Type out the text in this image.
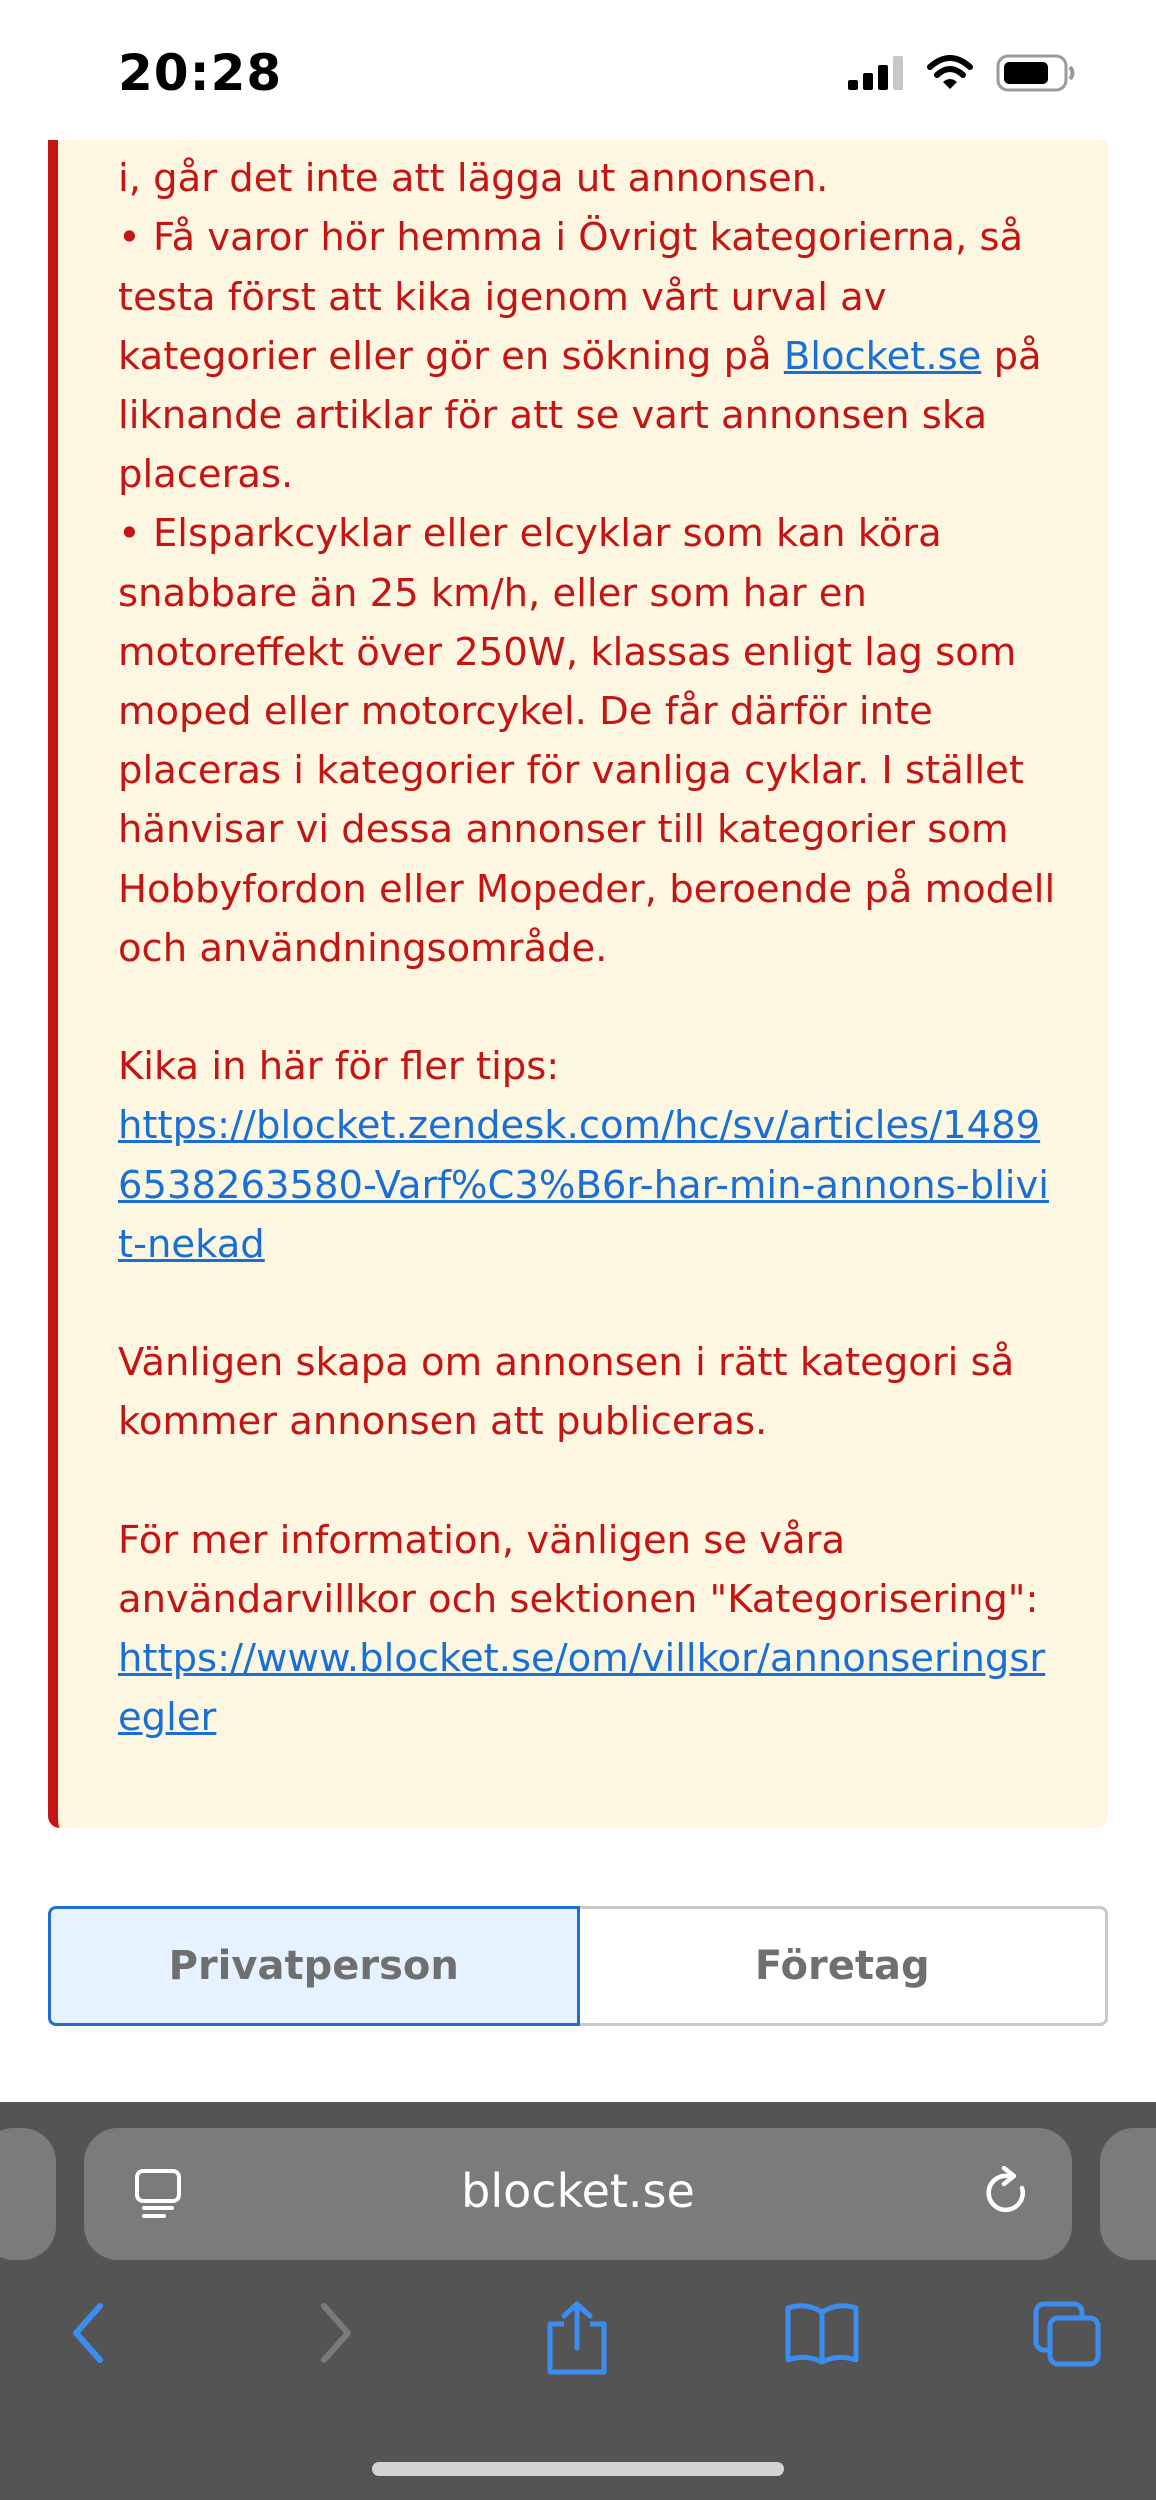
20:28

i, går det inte att lägga ut annonsen.

• Få varor hör hemma i Övrigt kategorierna, så testa först att kika igenom vårt urval av kategorier eller gör en sökning på Blocket.se på liknande artiklar för att se vart annonsen ska placeras.

• Elsparkcyklar eller elcyklar som kan köra snabbare än 25 km/h, eller som har en motoreffekt över 250W, klassas enligt lag som moped eller motorcykel. De får därför inte placeras i kategorier för vanliga cyklar. I stället hänvisar vi dessa annonser till kategorier som Hobbyfordon eller Mopeder, beroende på modell och användningsområde.

Kika in här för fler tips:

https://blocket.zendesk.com/hc/sv/articles/14896538263580-Varf%C3%B6r-har-min-annons-blivit-nekad

Vänligen skapa om annonsen i rätt kategori så kommer annonsen att publiceras.

För mer information, vänligen se våra användarvillkor och sektionen "Kategorisering":

https://www.blocket.se/om/villkor/annonseringsregler

Privatperson	Företag
blocket.se
